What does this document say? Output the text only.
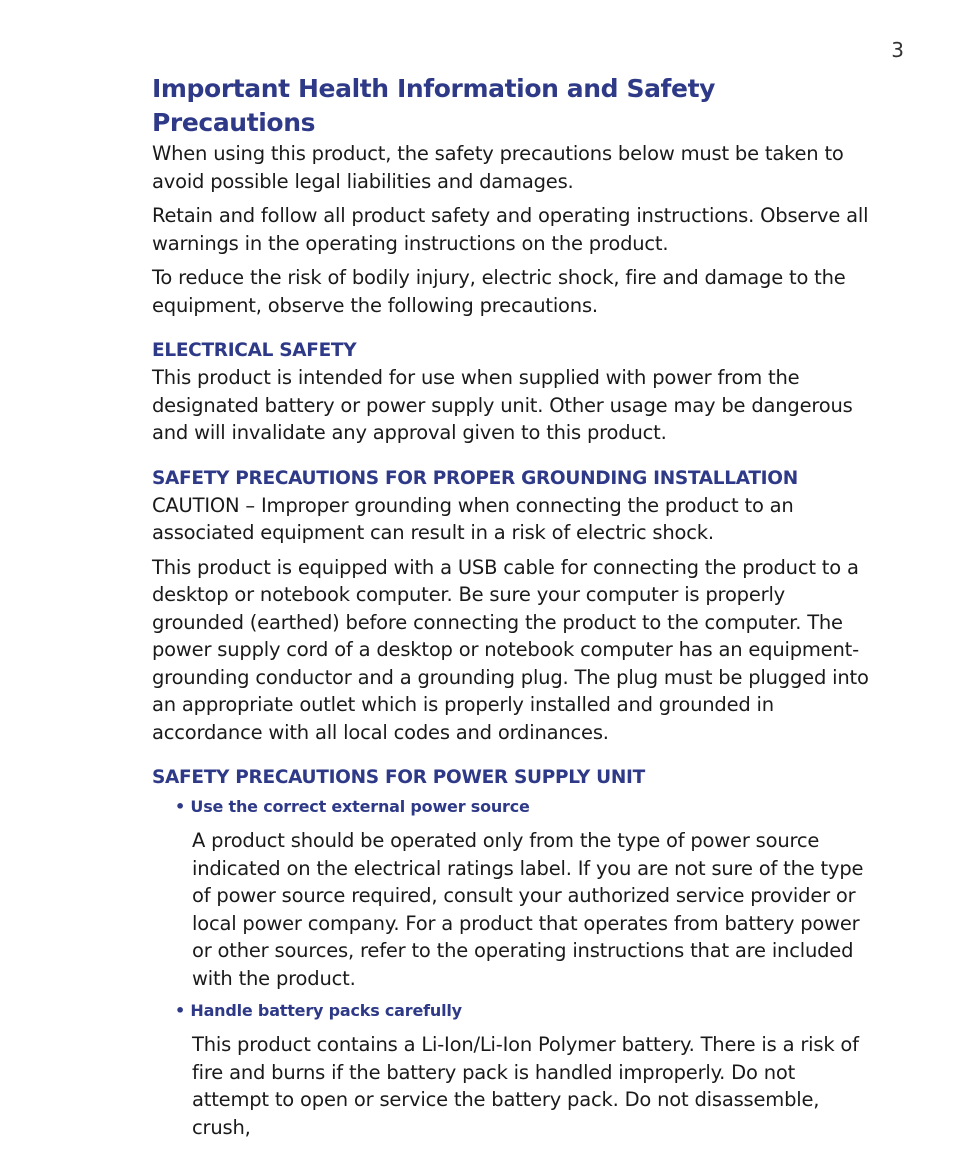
3
Important Health Information and Safety Precautions

When using this product, the safety precautions below must be taken to avoid possible legal liabilities and damages.

Retain and follow all product safety and operating instructions. Observe all warnings in the operating instructions on the product.

To reduce the risk of bodily injury, electric shock, fire and damage to the equipment, observe the following precautions.

ELECTRICAL SAFETY

This product is intended for use when supplied with power from the designated battery or power supply unit. Other usage may be dangerous and will invalidate any approval given to this product.

SAFETY PRECAUTIONS FOR PROPER GROUNDING INSTALLATION

CAUTION – Improper grounding when connecting the product to an associated equipment can result in a risk of electric shock.

This product is equipped with a USB cable for connecting the product to a desktop or notebook computer. Be sure your computer is properly grounded (earthed) before connecting the product to the computer. The power supply cord of a desktop or notebook computer has an equipment-grounding conductor and a grounding plug. The plug must be plugged into an appropriate outlet which is properly installed and grounded in accordance with all local codes and ordinances.

SAFETY PRECAUTIONS FOR POWER SUPPLY UNIT
• Use the correct external power source

A product should be operated only from the type of power source indicated on the electrical ratings label. If you are not sure of the type of power source required, consult your authorized service provider or local power company. For a product that operates from battery power or other sources, refer to the operating instructions that are included with the product.

• Handle battery packs carefully

This product contains a Li-Ion/Li-Ion Polymer battery. There is a risk of fire and burns if the battery pack is handled improperly. Do not attempt to open or service the battery pack. Do not disassemble, crush,
